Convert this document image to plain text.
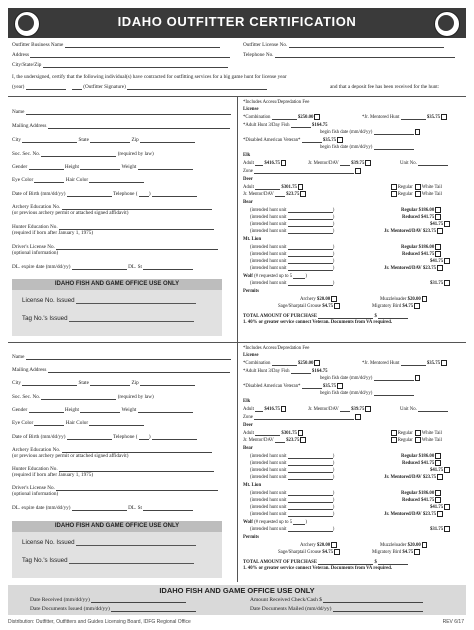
IDAHO OUTFITTER CERTIFICATION
Outfitter Business Name	Outfitter License No.
Address	Telephone No.
City/State/Zip
I, the undersigned, certify that the following individual(s) have contracted for outfitting services for a big game hunt for license year
(year)	(Outfitter Signature)	and that a deposit fee has been received for the hunt:
Name
Mailing Address
City	State	Zip
Soc. Sec. No.	(required by law)
Gender	Height	Weight
Eye Color	Hair Color
Date of Birth (mm/dd/yy)	Telephone ( )
Archery Education No.
(or previous archery permit or attached signed affidavit)
Hunter Education No.
(required if born after January 1, 1975)
Driver's License No.
(optional information)
DL. expire date (mm/dd/yy)	DL. St
IDAHO FISH AND GAME OFFICE USE ONLY
License No. Issued
Tag No.'s Issued
*Includes Access/Depredation Fee
License
*Combination	$250.00	*Jr. Mentored Hunt	$35.75
*Adult Hunt 3/Day Fish	$164.75
begin fish date (mm/dd/yy)
*Disabled American Veteran*	$35.75
begin fish date (mm/dd/yy)
Elk
Adult $416.75	Jr. Mentor/DAV	$39.75	Unit No.
Zone
Deer
Adult	$301.75	Regular White Tail
Jr. Mentor/DAV	$23.75	Regular White Tail
Bear
(intended hunt unit	)	Regular $186.00
(intended hunt unit	)	Reduced $41.75
(intended hunt unit	)	$41.75
(intended hunt unit	)	Jr. Mentored/DAV $23.75
Mt. Lion
(intended hunt unit	)	Regular $186.00
(intended hunt unit	)	Reduced $41.75
(intended hunt unit	)	$41.75
(intended hunt unit	)	Jr. Mentored/DAV $23.75
Wolf (# requested up to 5	)
(intended hunt unit	)	$31.75
Permits
Archery $20.00	Muzzleloader $20.00
Sage/Sharptail Grouse $4.75	Migratory Bird $4.75
TOTAL AMOUNT OF PURCHASE	$
1. 40% or greater service connect Veteran. Documents from VA required.
Name
Mailing Address
City	State	Zip
Soc. Sec. No.	(required by law)
Gender	Height	Weight
Eye Color	Hair Color
Date of Birth (mm/dd/yy)	Telephone ( )
Archery Education No.
(or previous archery permit or attached signed affidavit)
Hunter Education No.
(required if born after January 1, 1975)
Driver's License No.
(optional information)
DL. expire date (mm/dd/yy)	DL. St
IDAHO FISH AND GAME OFFICE USE ONLY
License No. Issued
Tag No.'s Issued
*Includes Access/Depredation Fee
License
*Combination	$250.00	*Jr. Mentored Hunt	$35.75
*Adult Hunt 3/Day Fish	$164.75
begin fish date (mm/dd/yy)
*Disabled American Veteran*	$35.75
begin fish date (mm/dd/yy)
Elk
Adult $416.75	Jr. Mentor/DAV	$39.75	Unit No.
Zone
Deer
Adult	$301.75	Regular White Tail
Jr. Mentor/DAV	$23.75	Regular White Tail
Bear
(intended hunt unit	)	Regular $186.00
(intended hunt unit	)	Reduced $41.75
(intended hunt unit	)	$41.75
(intended hunt unit	)	Jr. Mentored/DAV $23.75
Mt. Lion
(intended hunt unit	)	Regular $186.00
(intended hunt unit	)	Reduced $41.75
(intended hunt unit	)	$41.75
(intended hunt unit	)	Jr. Mentored/DAV $23.75
Wolf (# requested up to 5	)
(intended hunt unit	)	$31.75
Permits
Archery $20.00	Muzzleloader $20.00
Sage/Sharptail Grouse $4.75	Migratory Bird $4.75
TOTAL AMOUNT OF PURCHASE	$
1. 40% or greater service connect Veteran. Documents from VA required.
IDAHO FISH AND GAME OFFICE USE ONLY
Date Received (mm/dd/yy)	Amount Received Check/Cash $
Date Documents Issued (mm/dd/yy)	Date Documents Mailed (mm/dd/yy)
Distribution: Outfitter, Outfitters and Guides Licensing Board, IDFG Regional Office	REV 6/17
